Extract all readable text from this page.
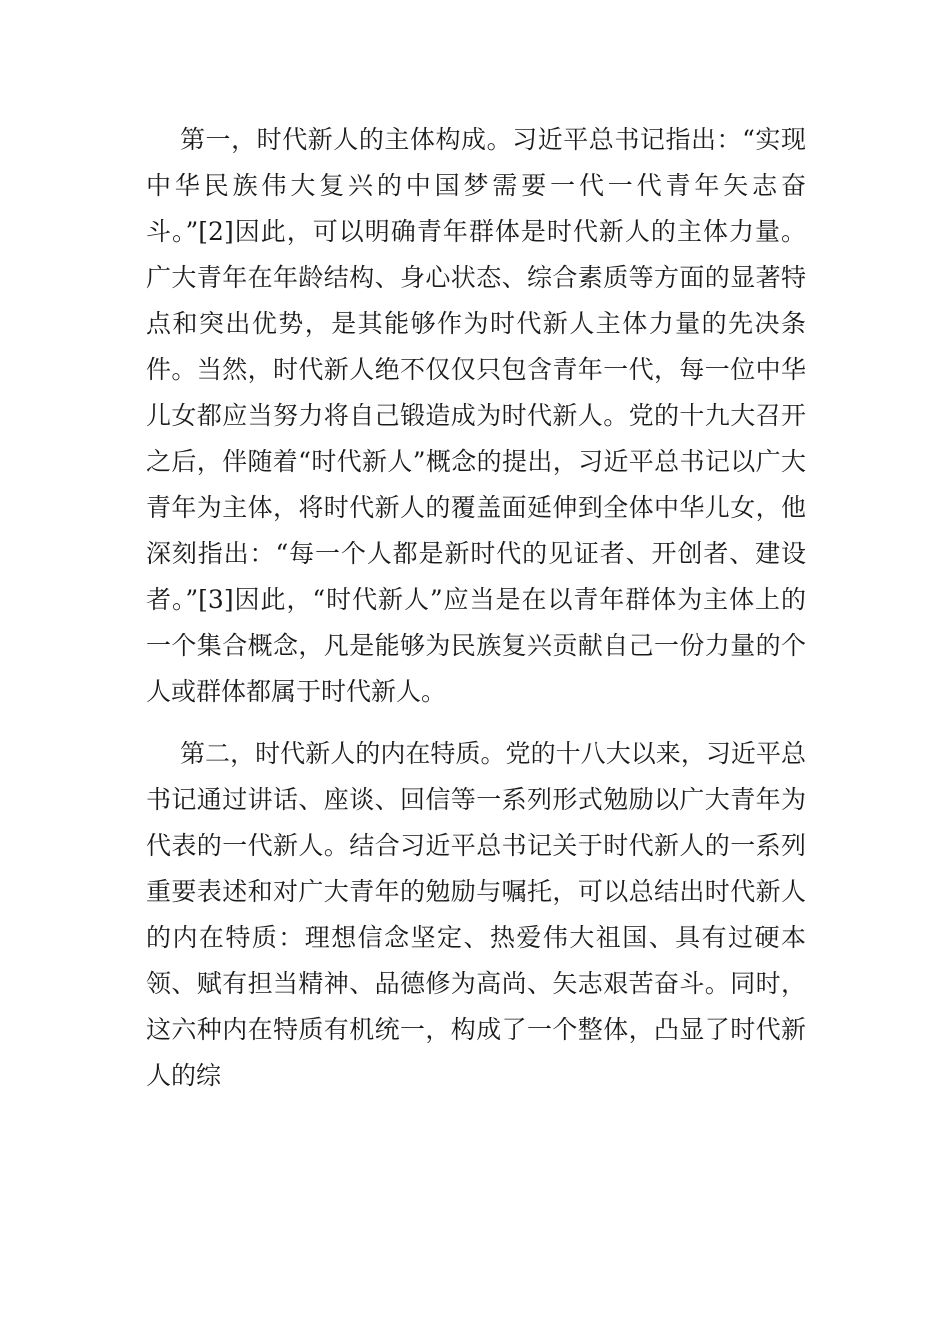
第一，时代新人的主体构成。习近平总书记指出：“实现中华民族伟大复兴的中国梦需要一代一代青年矢志奋斗。”[2]因此，可以明确青年群体是时代新人的主体力量。广大青年在年龄结构、身心状态、综合素质等方面的显著特点和突出优势，是其能够作为时代新人主体力量的先决条件。当然，时代新人绝不仅仅只包含青年一代，每一位中华儿女都应当努力将自己锻造成为时代新人。党的十九大召开之后，伴随着“时代新人”概念的提出，习近平总书记以广大青年为主体，将时代新人的覆盖面延伸到全体中华儿女，他深刻指出：“每一个人都是新时代的见证者、开创者、建设者。”[3]因此，“时代新人”应当是在以青年群体为主体上的一个集合概念，凡是能够为民族复兴贡献自己一份力量的个人或群体都属于时代新人。

第二，时代新人的内在特质。党的十八大以来，习近平总书记通过讲话、座谈、回信等一系列形式勉励以广大青年为代表的一代新人。结合习近平总书记关于时代新人的一系列重要表述和对广大青年的勉励与嘱托，可以总结出时代新人的内在特质：理想信念坚定、热爱伟大祖国、具有过硬本领、赋有担当精神、品德修为高尚、矢志艰苦奋斗。同时，这六种内在特质有机统一，构成了一个整体，凸显了时代新人的综
